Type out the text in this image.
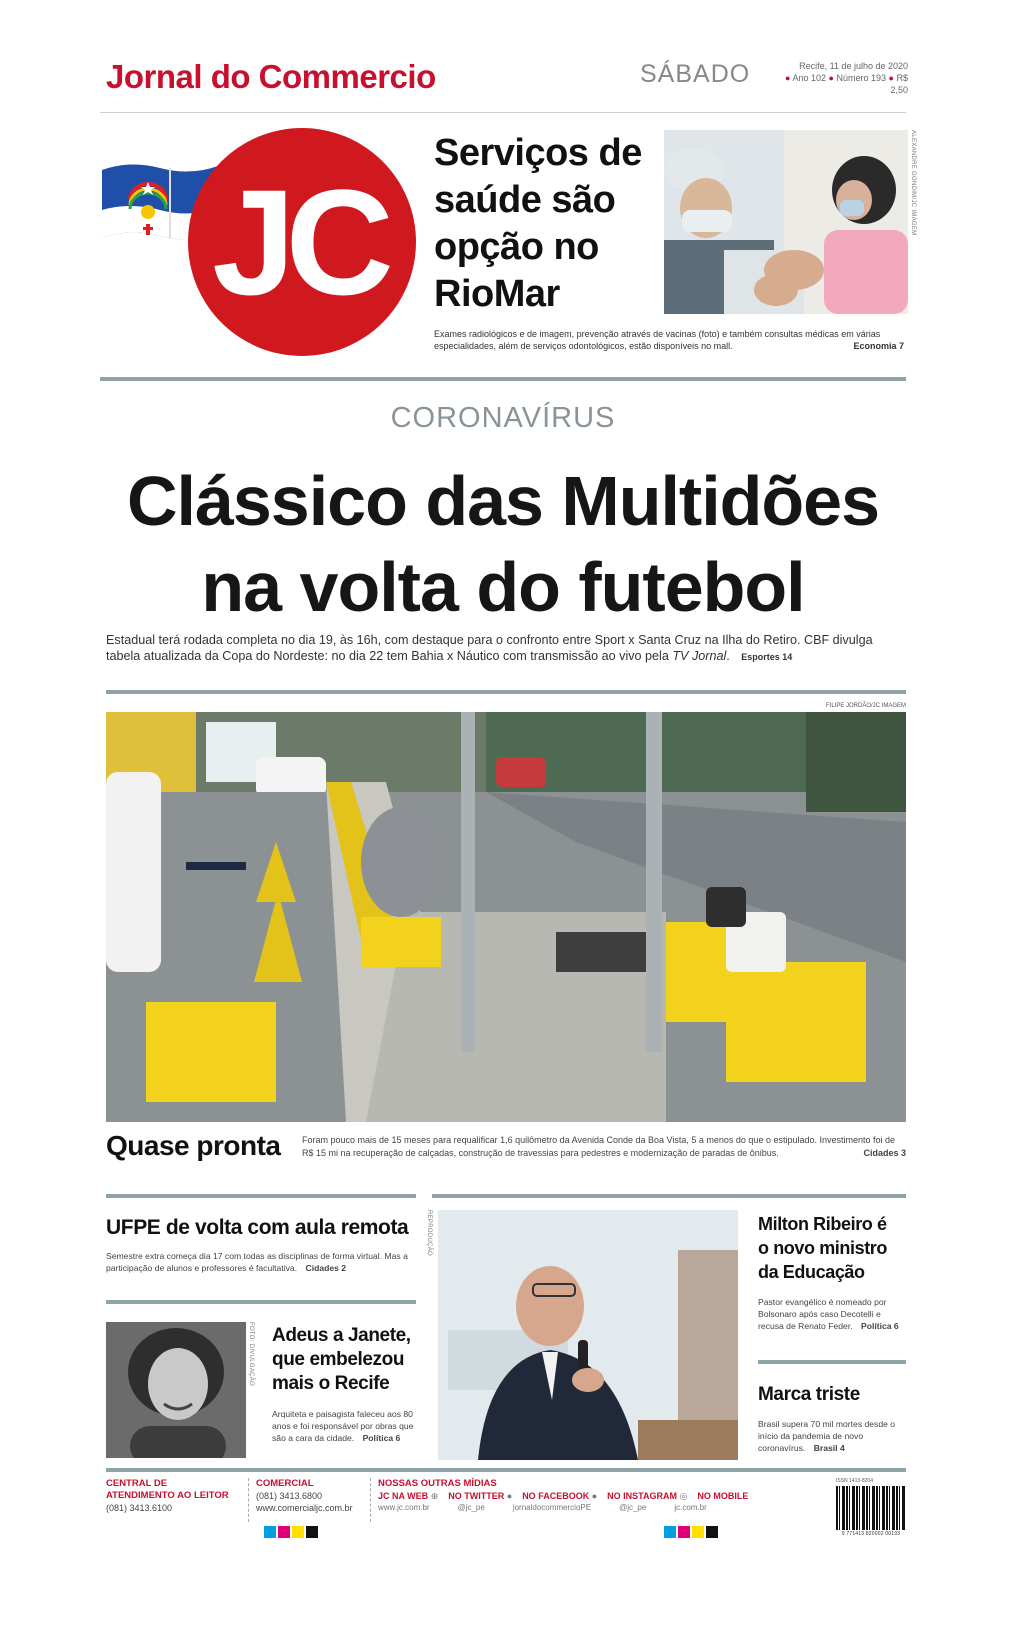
Jornal do Commercio	SÁBADO	Recife, 11 de julho de 2020
● Ano 102 ● Número 193 ● R$ 2,50
JC
Serviços de
saúde são
opção no
RioMar
ALEXANDRE GONDIM/JC IMAGEM
Exames radiológicos e de imagem, prevenção através de vacinas (foto) e também consultas médicas em várias especialidades, além de serviços odontológicos, estão disponíveis no mall.	Economia 7
CORONAVÍRUS
Clássico das Multidões
na volta do futebol
Estadual terá rodada completa no dia 19, às 16h, com destaque para o confronto entre Sport x Santa Cruz na Ilha do Retiro. CBF divulga tabela atualizada da Copa do Nordeste: no dia 22 tem Bahia x Náutico com transmissão ao vivo pela TV Jornal. Esportes 14
FILIPE JORDÃO/JC IMAGEM
Quase pronta Foram pouco mais de 15 meses para requalificar 1,6 quilômetro da Avenida Conde da Boa Vista, 5 a menos do que o estipulado. Investimento foi de R$ 15 mi na recuperação de calçadas, construção de travessias para pedestres e modernização de paradas de ônibus.	Cidades 3
UFPE de volta com aula remota
Semestre extra começa dia 17 com todas as disciplinas de forma virtual. Mas a participação de alunos e professores é facultativa. Cidades 2
FOTO: DIVULGAÇÃO Adeus a Janete,
que embelezou
mais o Recife
Arquiteta e paisagista faleceu aos 80 anos e foi responsável por obras que são a cara da cidade. Política 6
REPRODUÇÃO	Milton Ribeiro é
o novo ministro
da Educação
Pastor evangélico é nomeado por Bolsonaro após caso Decotelli e recusa de Renato Feder. Política 6
Marca triste
Brasil supera 70 mil mortes desde o início da pandemia de novo coronavírus. Brasil 4
CENTRAL DE
ATENDIMENTO AO LEITOR
(081) 3413.6100
COMERCIAL
(081) 3413.6800
www.comercialjc.com.br
NOSSAS OUTRAS MÍDIAS
JC NA WEB ⊕ NO TWITTER ● NO FACEBOOK ● NO INSTAGRAM ◎ NO MOBILE
www.jc.com.br	@jc_pe	jornaldocommercioPE	@jc_pe	jc.com.br
ISSN 1413-8204
9 771413 820002 00193
